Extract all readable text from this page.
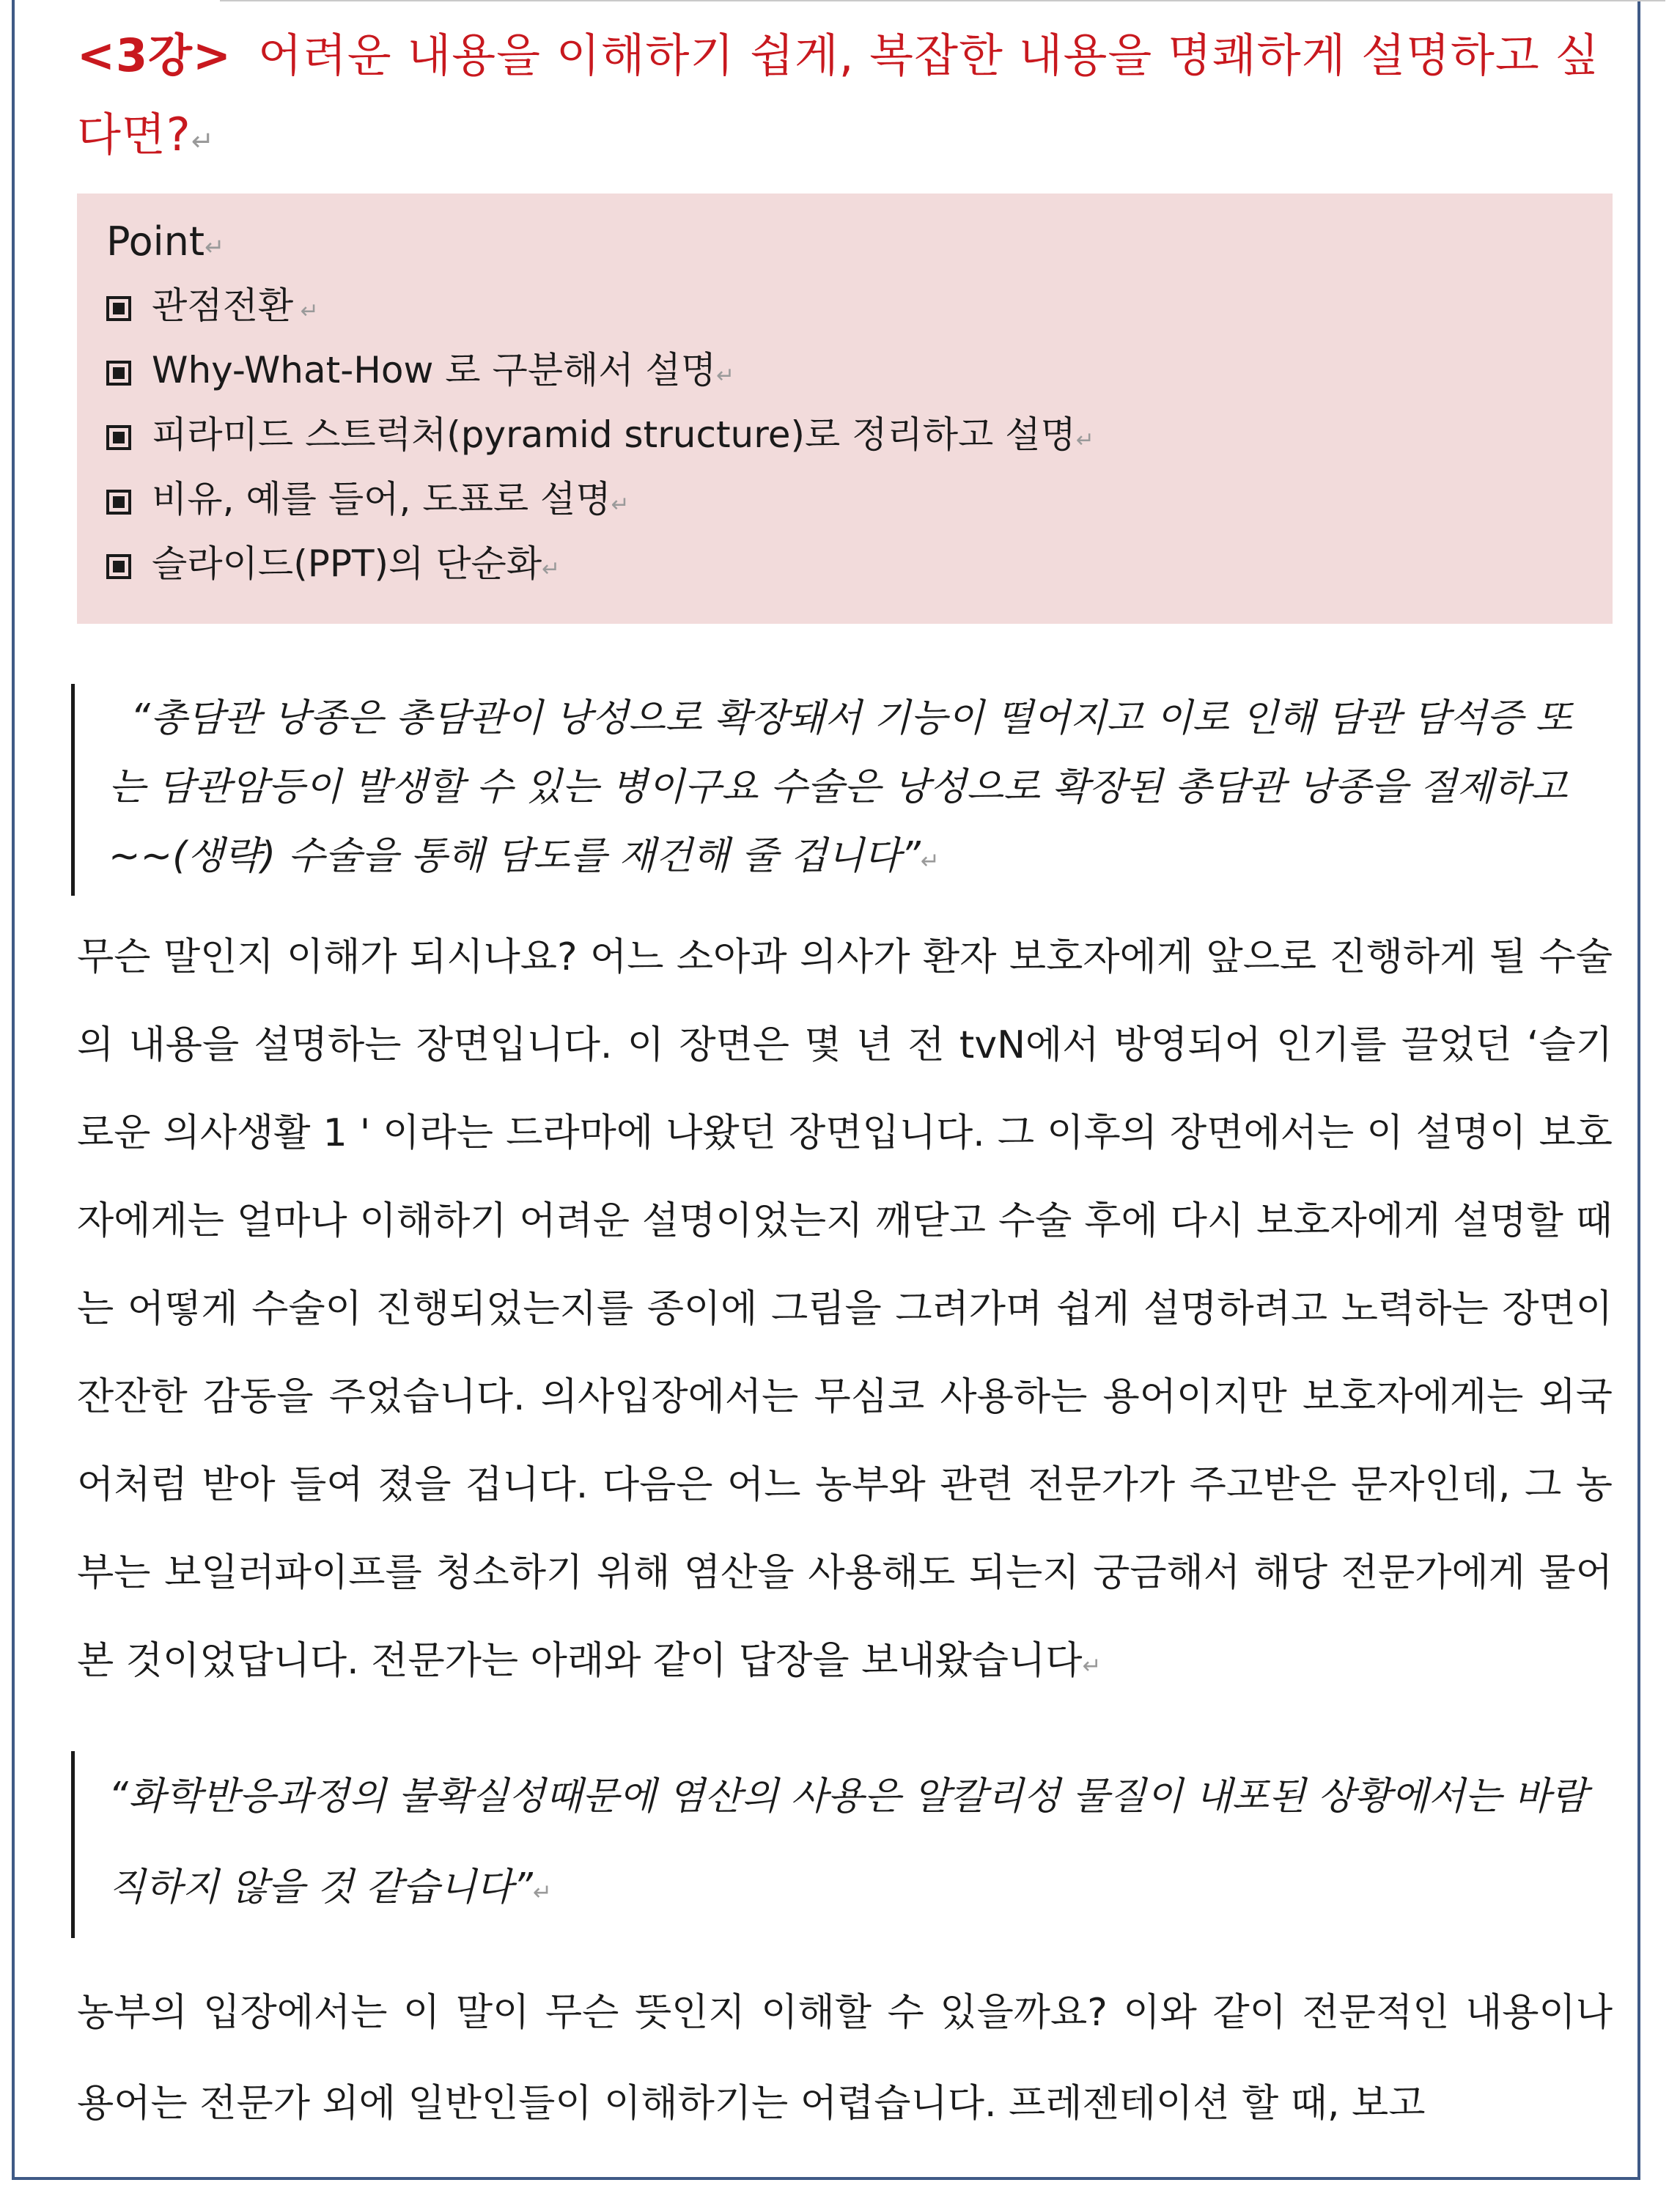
<3강> 어려운 내용을 이해하기 쉽게, 복잡한 내용을 명쾌하게 설명하고 싶다면?↵
Point↵
관점전환 ↵
Why-What-How 로 구분해서 설명↵
피라미드 스트럭처(pyramid structure)로 정리하고 설명↵
비유, 예를 들어, 도표로 설명↵
슬라이드(PPT)의 단순화↵
“총담관 낭종은 총담관이 낭성으로 확장돼서 기능이 떨어지고 이로 인해 담관 담석증 또는 담관암등이 발생할 수 있는 병이구요 수술은 낭성으로 확장된 총담관 낭종을 절제하고~~(생략) 수술을 통해 담도를 재건해 줄 겁니다”↵

무슨 말인지 이해가 되시나요? 어느 소아과 의사가 환자 보호자에게 앞으로 진행하게 될 수술의 내용을 설명하는 장면입니다. 이 장면은 몇 년 전 tvN에서 방영되어 인기를 끌었던 ‘슬기로운 의사생활 1 ' 이라는 드라마에 나왔던 장면입니다. 그 이후의 장면에서는 이 설명이 보호자에게는 얼마나 이해하기 어려운 설명이었는지 깨닫고 수술 후에 다시 보호자에게 설명할 때는 어떻게 수술이 진행되었는지를 종이에 그림을 그려가며 쉽게 설명하려고 노력하는 장면이 잔잔한 감동을 주었습니다. 의사입장에서는 무심코 사용하는 용어이지만 보호자에게는 외국어처럼 받아 들여 졌을 겁니다. 다음은 어느 농부와 관련 전문가가 주고받은 문자인데, 그 농부는 보일러파이프를 청소하기 위해 염산을 사용해도 되는지 궁금해서 해당 전문가에게 물어본 것이었답니다. 전문가는 아래와 같이 답장을 보내왔습니다↵

“화학반응과정의 불확실성때문에 염산의 사용은 알칼리성 물질이 내포된 상황에서는 바람직하지 않을 것 같습니다”↵

농부의 입장에서는 이 말이 무슨 뜻인지 이해할 수 있을까요? 이와 같이 전문적인 내용이나 용어는 전문가 외에 일반인들이 이해하기는 어렵습니다. 프레젠테이션 할 때, 보고
